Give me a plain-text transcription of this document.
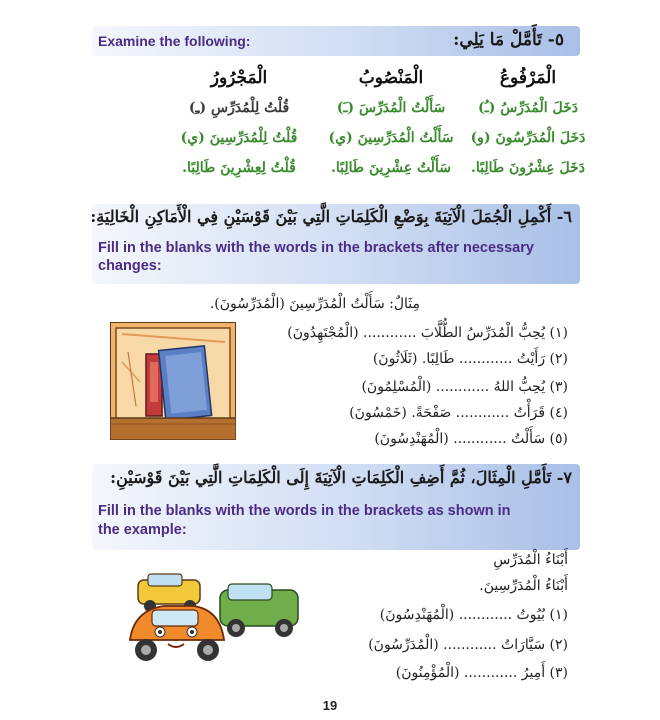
Examine the following:	٥- تَأَمَّلْ مَا يَلِي:
الْمَرْفُوعُ
دَخَلَ الْمُدَرِّسُ (ـُ)
دَخَلَ الْمُدَرِّسُونَ (و)
دَخَلَ عِشْرُونَ طَالِبًا.
الْمَنْصُوبُ
سَأَلْتُ الْمُدَرِّسَ (ـَ)
سَأَلْتُ الْمُدَرِّسِينَ (ي)
سَأَلْتُ عِشْرِينَ طَالِبًا.
الْمَجْرُورُ
قُلْتُ لِلْمُدَرِّسِ (ـِ)
قُلْتُ لِلْمُدَرِّسِينَ (ي)
قُلْتُ لِعِشْرِينَ طَالِبًا.
٦- أَكْمِلِ الْجُمَلَ الْآتِيَةَ بِوَضْعِ الْكَلِمَاتِ الَّتِي بَيْنَ قَوْسَيْنِ فِي الْأَمَاكِنِ الْخَالِيَةِ:
Fill in the blanks with the words in the brackets after necessary
changes:
مِثَالٌ: سَأَلْتُ الْمُدَرِّسِينَ (الْمُدَرِّسُونَ).
(١) يُحِبُّ الْمُدَرِّسُ الطُّلَّابَ ............ (الْمُجْتَهِدُونَ)
(٢) رَأَيْتُ ............ طَالِبًا. (ثَلَاثُونَ)
(٣) يُحِبُّ اللهُ ............ (الْمُسْلِمُونَ)
(٤) قَرَأْتُ ............ صَفْحَةً. (خَمْسُونَ)
(٥) سَأَلْتُ ............ (الْمُهَنْدِسُونَ)
٧- تَأَمَّلِ الْمِثَالَ، ثُمَّ أَضِفِ الْكَلِمَاتِ الْآتِيَةَ إِلَى الْكَلِمَاتِ الَّتِي بَيْنَ قَوْسَيْنِ:
Fill in the blanks with the words in the brackets as shown in
the example:
أَبْنَاءُ الْمُدَرِّسِ
أَبْنَاءُ الْمُدَرِّسِينَ.
(١) بُيُوتُ ............ (الْمُهَنْدِسُونَ)
(٢) سَيَّارَاتُ ............ (الْمُدَرِّسُونَ)
(٣) أَمِيرُ ............ (الْمُؤْمِنُونَ)
19
